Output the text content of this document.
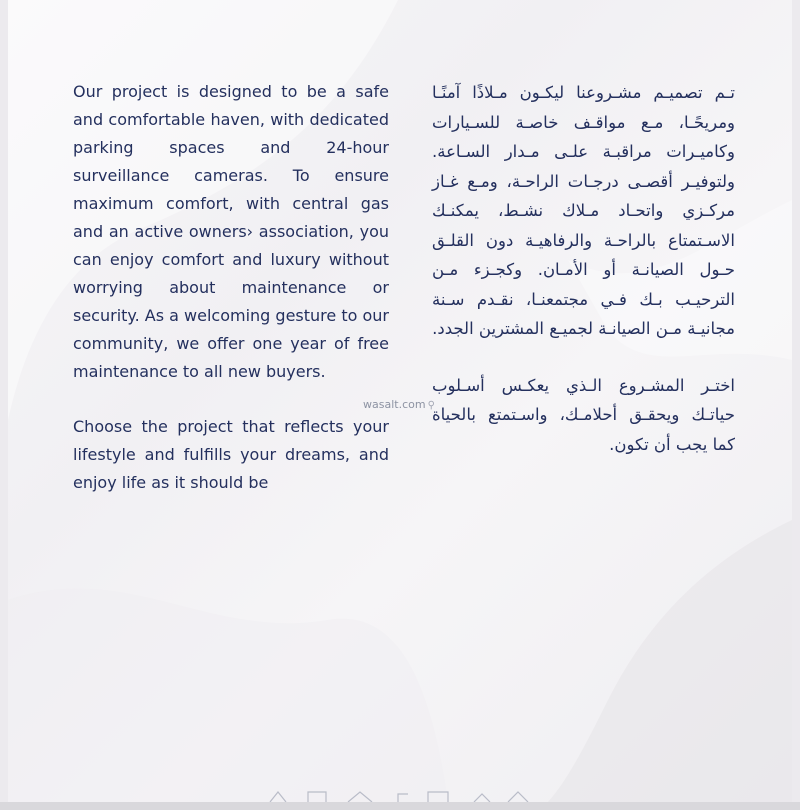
Our project is designed to be a safe and comfortable haven, with dedicated parking spaces and 24-hour surveillance cameras. To ensure maximum comfort, with central gas and an active owners› association, you can enjoy comfort and luxury without worrying about maintenance or security. As a welcoming gesture to our community, we offer one year of free maintenance to all new buyers.

Choose the project that reflects your lifestyle and fulfills your dreams, and enjoy life as it should be

تـم تصميـم مشـروعنا ليكـون مـلاذًا آمنًـا ومريحًـا، مـع مواقـف خاصـة للسـيارات وكاميـرات مراقبـة علـى مـدار السـاعة. ولتوفيـر أقصـى درجـات الراحـة، ومـع غـاز مركـزي واتحـاد مـلاك نشـط، يمكنـك الاسـتمتاع بالراحـة والرفاهيـة دون القلـق حـول الصيانـة أو الأمـان. وكجـزء مـن الترحيـب بـك فـي مجتمعنـا، نقـدم سـنة مجانيـة مـن الصيانـة لجميـع المشترين الجدد.

اختـر المشـروع الـذي يعكـس أسـلوب حياتـك ويحقـق أحلامـك، واسـتمتع بالحياة كما يجب أن تكون.

wasalt.com ⚲
